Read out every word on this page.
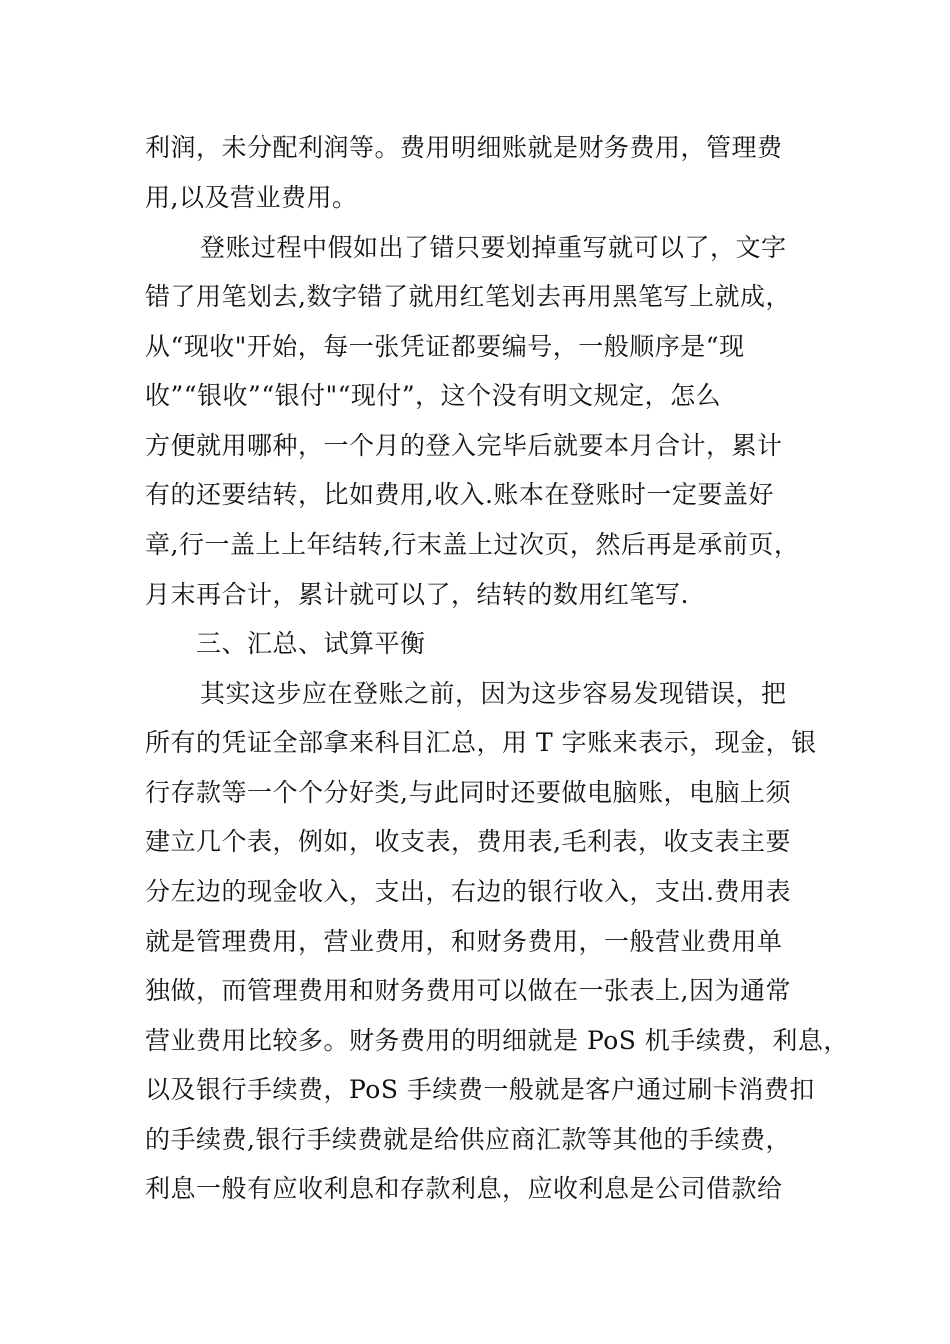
利润，未分配利润等。费用明细账就是财务费用，管理费
用,以及营业费用。
登账过程中假如出了错只要划掉重写就可以了，文字
错了用笔划去,数字错了就用红笔划去再用黑笔写上就成，
从“现收"开始，每一张凭证都要编号，一般顺序是“现
收”“银收”“银付"“现付”，这个没有明文规定，怎么
方便就用哪种，一个月的登入完毕后就要本月合计，累计
有的还要结转，比如费用,收入.账本在登账时一定要盖好
章,行一盖上上年结转,行末盖上过次页，然后再是承前页，
月末再合计，累计就可以了，结转的数用红笔写.
三、汇总、试算平衡
其实这步应在登账之前，因为这步容易发现错误，把
所有的凭证全部拿来科目汇总，用 T 字账来表示，现金，银
行存款等一个个分好类,与此同时还要做电脑账，电脑上须
建立几个表，例如，收支表，费用表,毛利表，收支表主要
分左边的现金收入，支出，右边的银行收入，支出.费用表
就是管理费用，营业费用，和财务费用，一般营业费用单
独做，而管理费用和财务费用可以做在一张表上,因为通常
营业费用比较多。财务费用的明细就是 PoS 机手续费，利息，
以及银行手续费，PoS 手续费一般就是客户通过刷卡消费扣
的手续费,银行手续费就是给供应商汇款等其他的手续费，
利息一般有应收利息和存款利息，应收利息是公司借款给
